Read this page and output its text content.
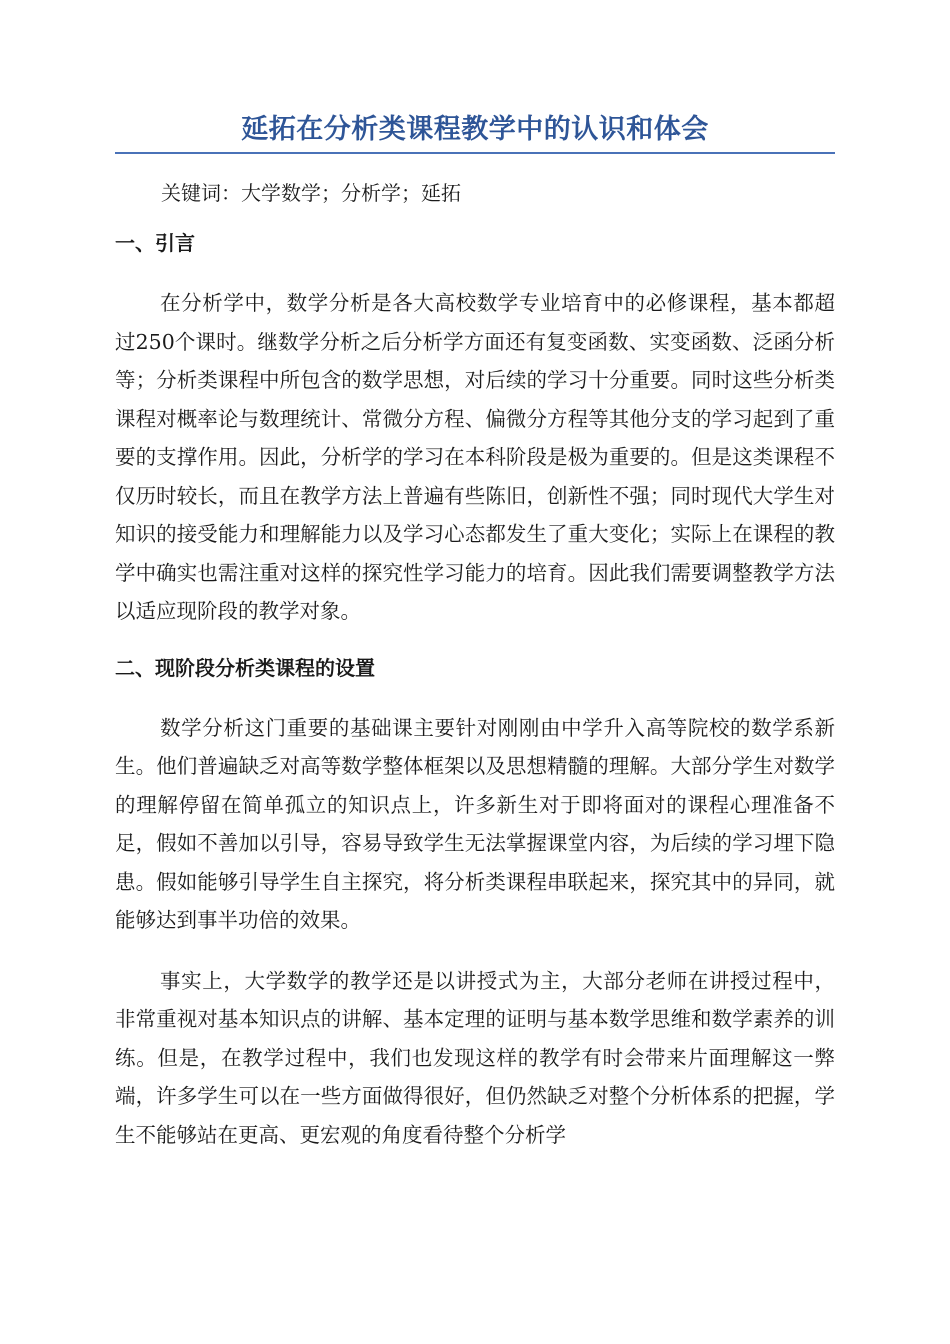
延拓在分析类课程教学中的认识和体会

关键词：大学数学；分析学；延拓

一、引言

在分析学中，数学分析是各大高校数学专业培育中的必修课程，基本都超过250个课时。继数学分析之后分析学方面还有复变函数、实变函数、泛函分析等；分析类课程中所包含的数学思想，对后续的学习十分重要。同时这些分析类课程对概率论与数理统计、常微分方程、偏微分方程等其他分支的学习起到了重要的支撑作用。因此，分析学的学习在本科阶段是极为重要的。但是这类课程不仅历时较长，而且在教学方法上普遍有些陈旧，创新性不强；同时现代大学生对知识的接受能力和理解能力以及学习心态都发生了重大变化；实际上在课程的教学中确实也需注重对这样的探究性学习能力的培育。因此我们需要调整教学方法以适应现阶段的教学对象。

二、现阶段分析类课程的设置

数学分析这门重要的基础课主要针对刚刚由中学升入高等院校的数学系新生。他们普遍缺乏对高等数学整体框架以及思想精髓的理解。大部分学生对数学的理解停留在简单孤立的知识点上，许多新生对于即将面对的课程心理准备不足，假如不善加以引导，容易导致学生无法掌握课堂内容，为后续的学习埋下隐患。假如能够引导学生自主探究，将分析类课程串联起来，探究其中的异同，就能够达到事半功倍的效果。

事实上，大学数学的教学还是以讲授式为主，大部分老师在讲授过程中，非常重视对基本知识点的讲解、基本定理的证明与基本数学思维和数学素养的训练。但是，在教学过程中，我们也发现这样的教学有时会带来片面理解这一弊端，许多学生可以在一些方面做得很好，但仍然缺乏对整个分析体系的把握，学生不能够站在更高、更宏观的角度看待整个分析学
